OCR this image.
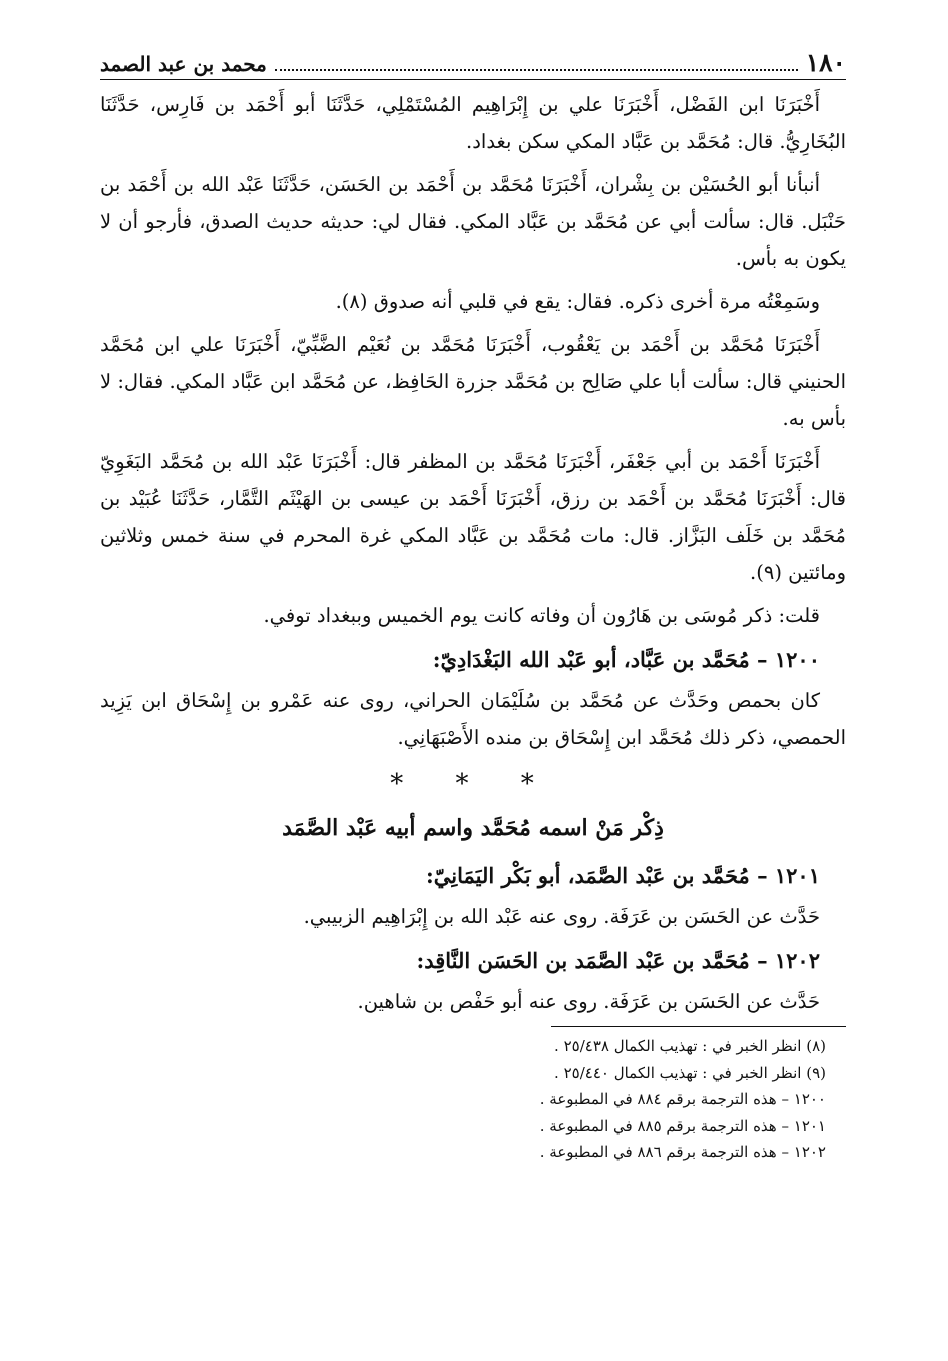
١٨٠
محمد بن عبد الصمد

أَخْبَرَنَا ابن الفَضْل، أَخْبَرَنَا علي بن إِبْرَاهِيم المُسْتَمْلِي، حَدَّثَنَا أبو أَحْمَد بن فَارِس، حَدَّثَنَا البُخَارِيُّ. قال: مُحَمَّد بن عَبَّاد المكي سكن بغداد.

أنبأنا أبو الحُسَيْن بن بِشْران، أَخْبَرَنَا مُحَمَّد بن أَحْمَد بن الحَسَن، حَدَّثَنَا عَبْد الله بن أَحْمَد بن حَنْبَل. قال: سألت أبي عن مُحَمَّد بن عَبَّاد المكي. فقال لي: حديثه حديث الصدق، فأرجو أن لا يكون به بأس.

وسَمِعْتُه مرة أخرى ذكره. فقال: يقع في قلبي أنه صدوق (٨).

أَخْبَرَنَا مُحَمَّد بن أَحْمَد بن يَعْقُوب، أَخْبَرَنَا مُحَمَّد بن نُعَيْم الضَّبِّيّ، أَخْبَرَنَا علي ابن مُحَمَّد الحنيني قال: سألت أبا علي صَالِح بن مُحَمَّد جزرة الحَافِظ، عن مُحَمَّد ابن عَبَّاد المكي. فقال: لا بأس به.

أَخْبَرَنَا أَحْمَد بن أبي جَعْفَر، أَخْبَرَنَا مُحَمَّد بن المظفر قال: أَخْبَرَنَا عَبْد الله بن مُحَمَّد البَغَوِيّ قال: أَخْبَرَنَا مُحَمَّد بن أَحْمَد بن رزق، أَخْبَرَنَا أَحْمَد بن عيسى بن الهَيْثَم التَّمَّار، حَدَّثَنَا عُبَيْد بن مُحَمَّد بن خَلَف البَزَّاز. قال: مات مُحَمَّد بن عَبَّاد المكي غرة المحرم في سنة خمس وثلاثين ومائتين (٩).

قلت: ذكر مُوسَى بن هَارُون أن وفاته كانت يوم الخميس وببغداد توفي.

١٢٠٠ – مُحَمَّد بن عَبَّاد، أبو عَبْد الله البَغْدَادِيّ:

كان بحمص وحَدَّث عن مُحَمَّد بن سُلَيْمَان الحراني، روى عنه عَمْرو بن إِسْحَاق ابن يَزِيد الحمصي، ذكر ذلك مُحَمَّد ابن إِسْحَاق بن منده الأَصْبَهَانِي.

* * *
ذِكْر مَنْ اسمه مُحَمَّد واسم أبيه عَبْد الصَّمَد
١٢٠١ – مُحَمَّد بن عَبْد الصَّمَد، أبو بَكْر اليَمَانِيّ:

حَدَّث عن الحَسَن بن عَرَفَة. روى عنه عَبْد الله بن إِبْرَاهِيم الزبيبي.

١٢٠٢ – مُحَمَّد بن عَبْد الصَّمَد بن الحَسَن النَّاقِد:

حَدَّث عن الحَسَن بن عَرَفَة. روى عنه أبو حَفْص بن شاهين.

(٨) انظر الخبر في : تهذيب الكمال ٢٥/٤٣٨ .
(٩) انظر الخبر في : تهذيب الكمال ٢٥/٤٤٠ .
١٢٠٠ – هذه الترجمة برقم ٨٨٤ في المطبوعة .
١٢٠١ – هذه الترجمة برقم ٨٨٥ في المطبوعة .
١٢٠٢ – هذه الترجمة برقم ٨٨٦ في المطبوعة .
